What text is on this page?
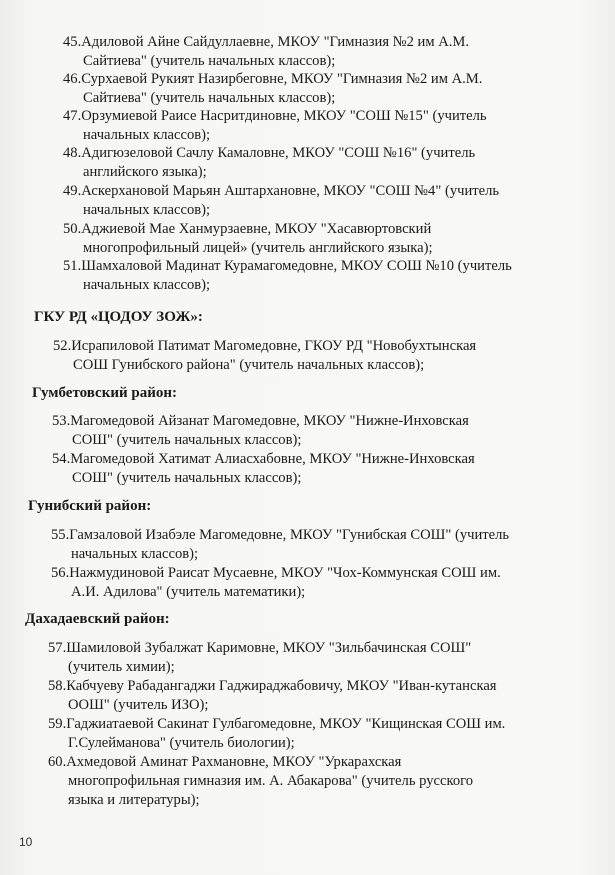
45.Адиловой Айне Сайдуллаевне, МКОУ "Гимназия №2 им А.М.
Сайтиева" (учитель начальных классов);
46.Сурхаевой Рукият Назирбеговне, МКОУ "Гимназия №2 им А.М.
Сайтиева" (учитель начальных классов);
47.Орзумиевой Раисе Насритдиновне, МКОУ "СОШ №15" (учитель
начальных классов);
48.Адигюзеловой Сачлу Камаловне, МКОУ "СОШ №16" (учитель
английского языка);
49.Аскерхановой Марьян Аштархановне, МКОУ "СОШ №4" (учитель
начальных классов);
50.Аджиевой Мае Ханмурзаевне, МКОУ "Хасавюртовский
многопрофильный лицей» (учитель английского языка);
51.Шамхаловой Мадинат Курамагомедовне, МКОУ СОШ №10 (учитель
начальных классов);
ГКУ РД «ЦОДОУ ЗОЖ»:
52.Исрапиловой Патимат Магомедовне, ГКОУ РД "Новобухтынская
СОШ Гунибского района" (учитель начальных классов);
Гумбетовский район:
53.Магомедовой Айзанат Магомедовне, МКОУ "Нижне-Инховская
СОШ" (учитель начальных классов);
54.Магомедовой Хатимат Алиасхабовне, МКОУ "Нижне-Инховская
СОШ" (учитель начальных классов);
Гунибский район:
55.Гамзаловой Изабэле Магомедовне, МКОУ "Гунибская СОШ" (учитель
начальных классов);
56.Нажмудиновой Раисат Мусаевне, МКОУ "Чох-Коммунская СОШ им.
А.И. Адилова" (учитель математики);
Дахадаевский район:
57.Шамиловой Зубалжат Каримовне, МКОУ "Зильбачинская СОШ"
(учитель химии);
58.Кабчуеву Рабадангаджи Гаджираджабовичу, МКОУ "Иван-кутанская
ООШ" (учитель ИЗО);
59.Гаджиатаевой Сакинат Гулбагомедовне, МКОУ "Кищинская СОШ им.
Г.Сулейманова" (учитель биологии);
60.Ахмедовой Аминат Рахмановне, МКОУ "Уркарахская
многопрофильная гимназия им. А. Абакарова" (учитель русского
языка и литературы);
10
